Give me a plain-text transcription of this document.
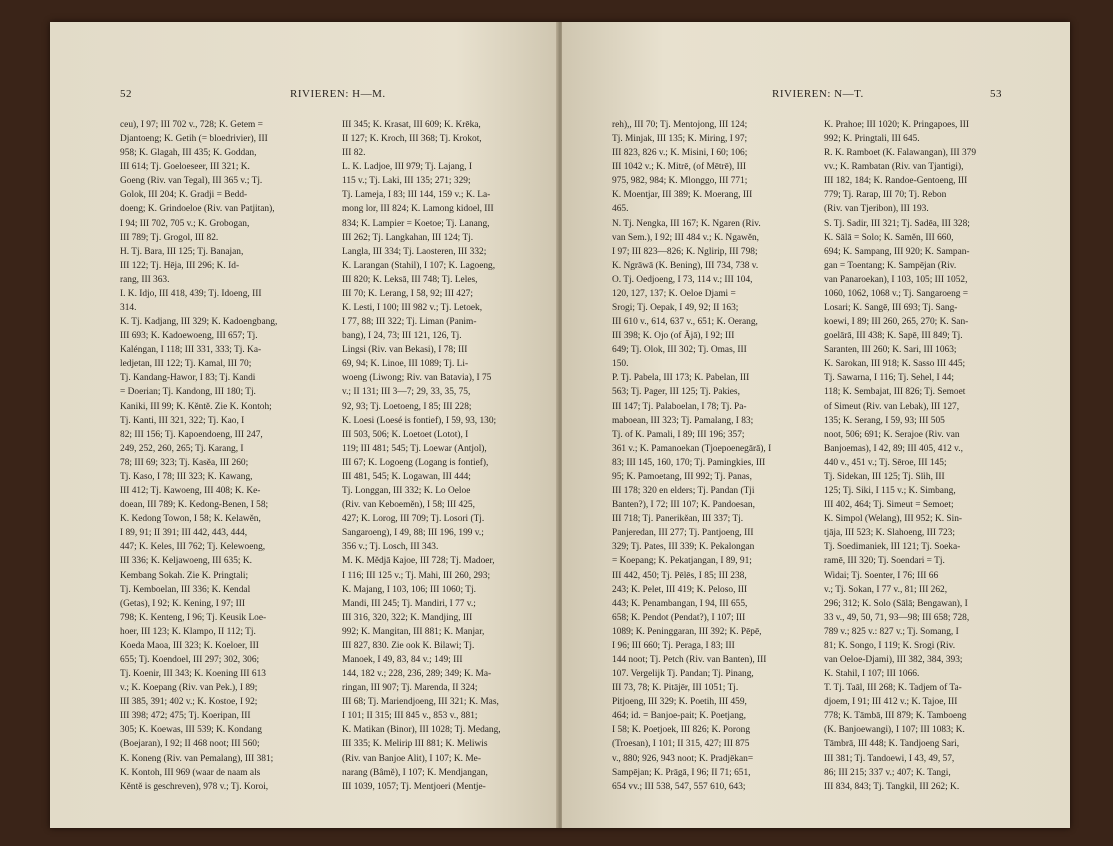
52	RIVIEREN: H—M.

ceu), I 97; III 702 v., 728; K. Getem =

Djantoeng; K. Getih (= bloedrivier), III

958; K. Glagah, III 435; K. Goddan,

III 614; Tj. Goeloeseer, III 321; K.

Goeng (Riv. van Tegal), III 365 v.; Tj.

Golok, III 204; K. Gradji = Bedd-

doeng; K. Grindoeloe (Riv. van Patjitan),

I 94; III 702, 705 v.; K. Grobogan,

III 789; Tj. Grogol, III 82.

H. Tj. Bara, III 125; Tj. Banajan,

III 122; Tj. Hēja, III 296; K. Id-

rang, III 363.

I. K. Idjo, III 418, 439; Tj. Idoeng, III

314.

K. Tj. Kadjang, III 329; K. Kadoengbang,

III 693; K. Kadoewoeng, III 657; Tj.

Kaléngan, I 118; III 331, 333; Tj. Ka-

ledjetan, III 122; Tj. Kamal, III 70;

Tj. Kandang-Hawor, I 83; Tj. Kandi

= Doerian; Tj. Kandong, III 180; Tj.

Kaniki, III 99; K. Kĕntĕ. Zie K. Kontoh;

Tj. Kanti, III 321, 322; Tj. Kao, I

82; III 156; Tj. Kapoendoeng, III 247,

249, 252, 260, 265; Tj. Karang, I

78; III 69; 323; Tj. Kasĕa, III 260;

Tj. Kaso, I 78; III 323; K. Kawang,

III 412; Tj. Kawoeng, III 408; K. Ke-

doean, III 789; K. Kedong-Benen, I 58;

K. Kedong Towon, I 58; K. Kelawĕn,

I 89, 91; II 391; III 442, 443, 444,

447; K. Keles, III 762; Tj. Kelewoeng,

III 336; K. Keljawoeng, III 635; K.

Kembang Sokah. Zie K. Pringtali;

Tj. Kemboelan, III 336; K. Kendal

(Getas), I 92; K. Kening, I 97; III

798; K. Kenteng, I 96; Tj. Keusik Loe-

hoer, III 123; K. Klampo, II 112; Tj.

Koeda Maoa, III 323; K. Koeloer, III

655; Tj. Koendoel, III 297; 302, 306;

Tj. Koenir, III 343; K. Koening III 613

v.; K. Koepang (Riv. van Pek.), I 89;

III 385, 391; 402 v.; K. Kostoe, I 92;

III 398; 472; 475; Tj. Koeripan, III

305; K. Koewas, III 539; K. Kondang

(Boejaran), I 92; II 468 noot; III 560;

K. Koneng (Riv. van Pemalang), III 381;

K. Kontoh, III 969 (waar de naam als

Kĕntĕ is geschreven), 978 v.; Tj. Koroi,

III 345; K. Krasat, III 609; K. Krēka,

II 127; K. Kroch, III 368; Tj. Krokot,

III 82.

L. K. Ladjoe, III 979; Tj. Lajang, I

115 v.; Tj. Laki, III 135; 271; 329;

Tj. Lameja, I 83; III 144, 159 v.; K. La-

mong lor, III 824; K. Lamong kidoel, III

834; K. Lampier = Koetoe; Tj. Lanang,

III 262; Tj. Langkahan, III 124; Tj.

Langla, III 334; Tj. Laosteren, III 332;

K. Larangan (Stahil), I 107; K. Lagoeng,

III 820; K. Leksā, III 748; Tj. Leles,

III 70; K. Lerang, I 58, 92; III 427;

K. Lesti, I 100; III 982 v.; Tj. Letoek,

I 77, 88; III 322; Tj. Liman (Panim-

bang), I 24, 73; III 121, 126, Tj.

Lingsi (Riv. van Bekasi), I 78; III

69, 94; K. Linoe, III 1089; Tj. Li-

woeng (Liwong; Riv. van Batavia), I 75

v.; II 131; III 3—7; 29, 33, 35, 75,

92, 93; Tj. Loetoeng, I 85; III 228;

K. Loesi (Loesé is fontief), I 59, 93, 130;

III 503, 506; K. Loetoet (Lotot), I

119; III 481; 545; Tj. Loewar (Antjol),

III 67; K. Logoeng (Logang is fontief),

III 481, 545; K. Logawan, III 444;

Tj. Longgan, III 332; K. Lo Oeloe

(Riv. van Keboemĕn), I 58; III 425,

427; K. Lorog, III 709; Tj. Losori (Tj.

Sangaroeng), I 49, 88; III 196, 199 v.;

356 v.; Tj. Losch, III 343.

M. K. Mĕdjā Kajoe, III 728; Tj. Madoer,

I 116; III 125 v.; Tj. Mahi, III 260, 293;

K. Majang, I 103, 106; III 1060; Tj.

Mandi, III 245; Tj. Mandiri, I 77 v.;

III 316, 320, 322; K. Mandjing, III

992; K. Mangitan, III 881; K. Manjar,

III 827, 830. Zie ook K. Bilawi; Tj.

Manoek, I 49, 83, 84 v.; 149; III

144, 182 v.; 228, 236, 289; 349; K. Ma-

ringan, III 907; Tj. Marenda, II 324;

III 68; Tj. Mariendjoeng, III 321; K. Mas,

I 101; II 315; III 845 v., 853 v., 881;

K. Matikan (Binor), III 1028; Tj. Medang,

III 335; K. Melirip III 881; K. Meliwis

(Riv. van Banjoe Alit), I 107; K. Me-

narang (Bâmĕ), I 107; K. Mendjangan,

III 1039, 1057; Tj. Mentjoeri (Mentje-

RIVIEREN: N—T.	53

reh),, III 70; Tj. Mentojong, III 124;

Tj. Minjak, III 135; K. Miring, I 97;

III 823, 826 v.; K. Misini, I 60; 106;

III 1042 v.; K. Mitrē, (of Mētrē), III

975, 982, 984; K. Mlonggo, III 771;

K. Moentjar, III 389; K. Moerang, III

465.

N. Tj. Nengka, III 167; K. Ngaren (Riv.

van Sem.), I 92; III 484 v.; K. Ngawĕn,

I 97; III 823—826; K. Ngliriр, III 798;

K. Ngrāwā (K. Bening), III 734, 738 v.

O. Tj. Oedjoeng, I 73, 114 v.; III 104,

120, 127, 137; K. Oeloe Djami =

Srogi; Tj. Oepak, I 49, 92; II 163;

III 610 v., 614, 637 v., 651; K. Oerang,

III 398; K. Ojo (of Ājā), I 92; III

649; Tj. Olok, III 302; Tj. Omas, III

150.

P. Tj. Pabela, III 173; K. Pabelan, III

563; Tj. Pager, III 125; Tj. Pakies,

III 147; Tj. Palaboelan, I 78; Tj. Pa-

maboean, III 323; Tj. Pamalang, I 83;

Tj. of K. Pamali, I 89; III 196; 357;

361 v.; K. Pamanoekan (Tjoepoenegārā), I

83; III 145, 160, 170; Tj. Pamingkies, III

95; K. Pamoetang, III 992; Tj. Panas,

III 178; 320 en elders; Tj. Pandan (Tji

Banten?), I 72; III 107; K. Pandoesan,

III 718; Tj. Panerikĕan, III 337; Tj.

Panjeredan, III 277; Tj. Pantjoeng, III

329; Tj. Pates, III 339; K. Pekalongan

= Koepang; K. Pekatjangan, I 89, 91;

III 442, 450; Tj. Pēlēs, I 85; III 238,

243; K. Pelet, III 419; K. Peloso, III

443; K. Penambangan, I 94, III 655,

658; K. Pendot (Pendat?), I 107; III

1089; K. Peninggaran, III 392; K. Pēpē,

I 96; III 660; Tj. Peraga, I 83; III

144 noot; Tj. Petch (Riv. van Banten), III

107. Vergelijk Tj. Pandan; Tj. Pinang,

III 73, 78; K. Pitājēr, III 1051; Tj.

Pitjoeng, III 329; K. Poetih, III 459,

464; id. = Banjoe-pait; K. Poetjang,

I 58; K. Poetjoek, III 826; K. Porong

(Troesan), I 101; II 315, 427; III 875

v., 880; 926, 943 noot; K. Pradjēkan=

Sampējan; K. Prāgā, I 96; II 71; 651,

654 vv.; III 538, 547, 557 610, 643;

K. Prahoe; III 1020; K. Pringapoes, III

992; K. Pringtali, III 645.

R. K. Ramboet (K. Falawangan), III 379

vv.; K. Rambatan (Riv. van Tjantigi),

III 182, 184; K. Randoe-Gentoeng, III

779; Tj. Rarap, III 70; Tj. Rebon

(Riv. van Tjeribon), III 193.

S. Tj. Sadir, III 321; Tj. Sadēa, III 328;

K. Sālā = Solo; K. Samĕn, III 660,

694; K. Sampang, III 920; K. Sampan-

gan = Toentang; K. Sampējan (Riv.

van Panaroekan), I 103, 105; III 1052,

1060, 1062, 1068 v.; Tj. Sangaroeng =

Losari; K. Sangē, III 693; Tj. Sang-

koewi, I 89; III 260, 265, 270; K. San-

goelārā, III 438; K. Sapē, III 849; Tj.

Saranten, III 260; K. Sari, III 1063;

K. Sarokan, III 918; K. Sasso III 445;

Tj. Sawarna, I 116; Tj. Sehel, I 44;

118; K. Sembajat, III 826; Tj. Semoet

of Simeut (Riv. van Lebak), III 127,

135; K. Serang, I 59, 93; III 505

noot, 506; 691; K. Serajoe (Riv. van

Banjoemas), I 42, 89; III 405, 412 v.,

440 v., 451 v.; Tj. Sēroe, III 145;

Tj. Sidekan, III 125; Tj. Sĭih, III

125; Tj. Siki, I 115 v.; K. Simbang,

III 402, 464; Tj. Simeut = Semoet;

K. Simpol (Welang), III 952; K. Sin-

tjāja, III 523; K. Slahoeng, III 723;

Tj. Soedimaniek, III 121; Tj. Soeka-

ramē, III 320; Tj. Soendari = Tj.

Widai; Tj. Soenter, I 76; III 66

v.; Tj. Sokan, I 77 v., 81; III 262,

296; 312; K. Solo (Sālā; Bengawan), I

33 v., 49, 50, 71, 93—98; III 658; 728,

789 v.; 825 v.: 827 v.; Tj. Somang, I

81; K. Songo, I 119; K. Srogi (Riv.

van Oeloe-Djami), III 382, 384, 393;

K. Stahil, I 107; III 1066.

T. Tj. Taāl, III 268; K. Tadjem of Ta-

djoem, I 91; III 412 v.; K. Tajoe, III

778; K. Tāmbā, III 879; K. Tamboeng

(K. Banjoewangi), I 107; III 1083; K.

Tāmbrā, III 448; K. Tandjoeng Sari,

III 381; Tj. Tandoewi, I 43, 49, 57,

86; III 215; 337 v.; 407; K. Tangi,

III 834, 843; Tj. Tangkil, III 262; K.
